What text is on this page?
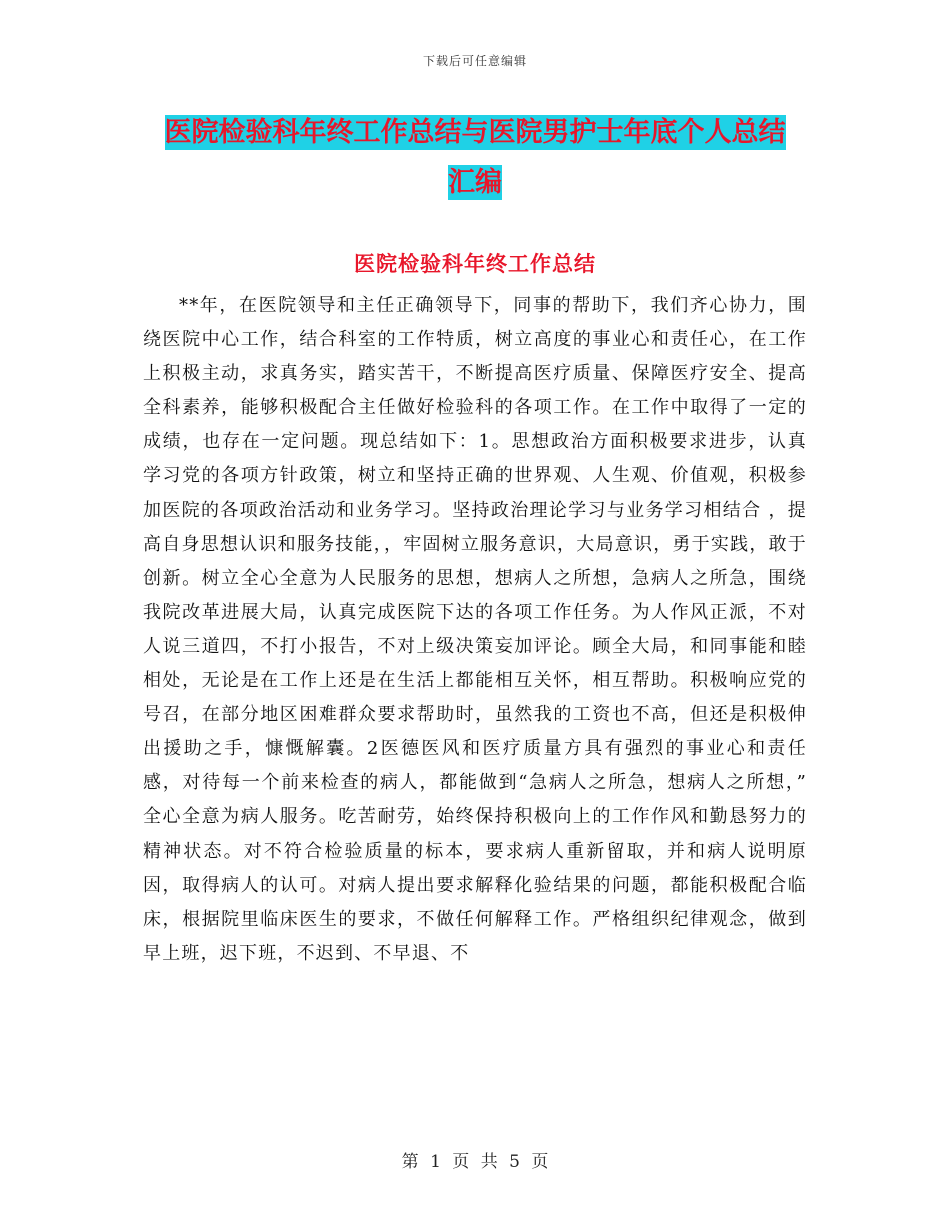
下载后可任意编辑
医院检验科年终工作总结与医院男护士年底个人总结
汇编
医院检验科年终工作总结

**年，在医院领导和主任正确领导下，同事的帮助下，我们齐心协力，围绕医院中心工作，结合科室的工作特质，树立高度的事业心和责任心，在工作上积极主动，求真务实，踏实苦干，不断提高医疗质量、保障医疗安全、提高全科素养，能够积极配合主任做好检验科的各项工作。在工作中取得了一定的成绩，也存在一定问题。现总结如下：1。思想政治方面积极要求进步，认真学习党的各项方针政策，树立和坚持正确的世界观、人生观、价值观，积极参加医院的各项政治活动和业务学习。坚持政治理论学习与业务学习相结合 ，提高自身思想认识和服务技能，，牢固树立服务意识，大局意识，勇于实践，敢于创新。树立全心全意为人民服务的思想，想病人之所想，急病人之所急，围绕我院改革进展大局，认真完成医院下达的各项工作任务。为人作风正派，不对人说三道四，不打小报告，不对上级决策妄加评论。顾全大局，和同事能和睦相处，无论是在工作上还是在生活上都能相互关怀，相互帮助。积极响应党的号召，在部分地区困难群众要求帮助时，虽然我的工资也不高，但还是积极伸出援助之手，慷慨解囊。2医德医风和医疗质量方具有强烈的事业心和责任感，对待每一个前来检查的病人，都能做到“急病人之所急，想病人之所想，” 全心全意为病人服务。吃苦耐劳，始终保持积极向上的工作作风和勤恳努力的精神状态。对不符合检验质量的标本，要求病人重新留取，并和病人说明原因，取得病人的认可。对病人提出要求解释化验结果的问题，都能积极配合临床，根据院里临床医生的要求，不做任何解释工作。严格组织纪律观念，做到早上班，迟下班，不迟到、不早退、不

第 1 页 共 5 页
